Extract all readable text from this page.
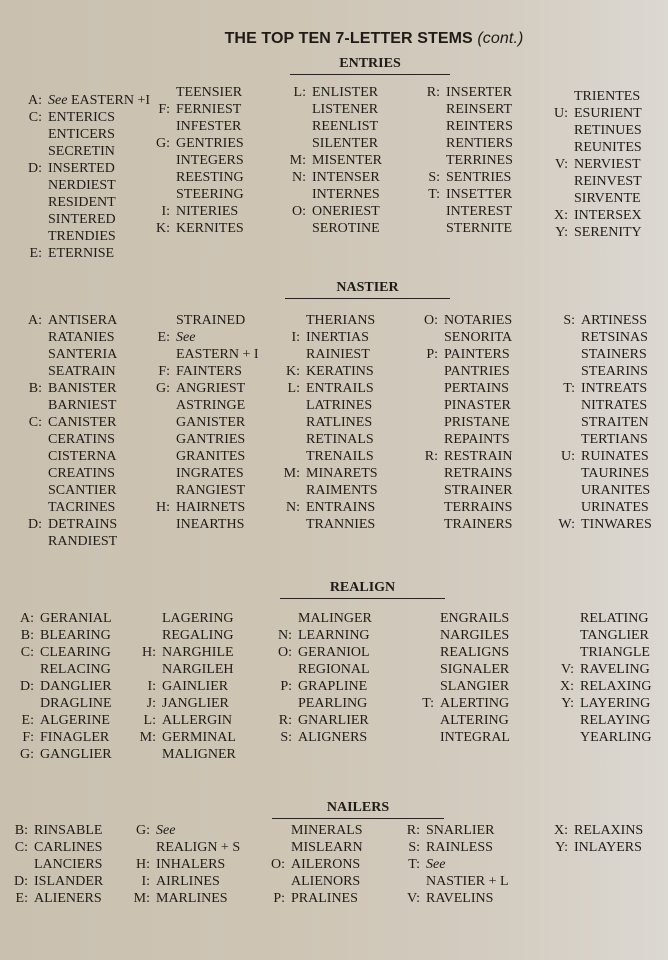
THE TOP TEN 7-LETTER STEMS (cont.)
ENTRIES
A: See EASTERN +I
C: ENTERICS
ENTICERS
SECRETIN
D: INSERTED
NERDIEST
RESIDENT
SINTERED
TRENDIES
E: ETERNISE
TEENSIER
F: FERNIEST
INFESTER
G: GENTRIES
INTEGERS
REESTING
STEERING
I: NITERIES
K: KERNITES
L: ENLISTER
LISTENER
REENLIST
SILENTER
M: MISENTER
N: INTENSER
INTERNES
O: ONERIEST
SEROTINE
R: INSERTER
REINSERT
REINTERS
RENTIERS
TERRINES
S: SENTRIES
T: INSETTER
INTEREST
STERNITE
TRIENTES
U: ESURIENT
RETINUES
REUNITES
V: NERVIEST
REINVEST
SIRVENTE
X: INTERSEX
Y: SERENITY
NASTIER
A: ANTISERA
RATANIES
SANTERIA
SEATRAIN
B: BANISTER
BARNIEST
C: CANISTER
CERATINS
CISTERNA
CREATINS
SCANTIER
TACRINES
D: DETRAINS
RANDIEST
STRAINED
E: See
EASTERN + I
F: FAINTERS
G: ANGRIEST
ASTRINGE
GANISTER
GANTRIES
GRANITES
INGRATES
RANGIEST
H: HAIRNETS
INEARTHS
THERIANS
I: INERTIAS
RAINIEST
K: KERATINS
L: ENTRAILS
LATRINES
RATLINES
RETINALS
TRENAILS
M: MINARETS
RAIMENTS
N: ENTRAINS
TRANNIES
O: NOTARIES
SENORITA
P: PAINTERS
PANTRIES
PERTAINS
PINASTER
PRISTANE
REPAINTS
R: RESTRAIN
RETRAINS
STRAINER
TERRAINS
TRAINERS
S: ARTINESS
RETSINAS
STAINERS
STEARINS
T: INTREATS
NITRATES
STRAITEN
TERTIANS
U: RUINATES
TAURINES
URANITES
URINATES
W: TINWARES
REALIGN
A: GERANIAL
B: BLEARING
C: CLEARING
RELACING
D: DANGLIER
DRAGLINE
E: ALGERINE
F: FINAGLER
G: GANGLIER
LAGERING
REGALING
H: NARGHILE
NARGILEH
I: GAINLIER
J: JANGLIER
L: ALLERGIN
M: GERMINAL
MALIGNER
MALINGER
N: LEARNING
O: GERANIOL
REGIONAL
P: GRAPLINE
PEARLING
R: GNARLIER
S: ALIGNERS
ENGRAILS
NARGILES
REALIGNS
SIGNALER
SLANGIER
T: ALERTING
ALTERING
INTEGRAL
RELATING
TANGLIER
TRIANGLE
V: RAVELING
X: RELAXING
Y: LAYERING
RELAYING
YEARLING
NAILERS
B: RINSABLE
C: CARLINES
LANCIERS
D: ISLANDER
E: ALIENERS
G: See
REALIGN + S
H: INHALERS
I: AIRLINES
M: MARLINES
MINERALS
MISLEARN
O: AILERONS
ALIENORS
P: PRALINES
R: SNARLIER
S: RAINLESS
T: See
NASTIER + L
V: RAVELINS
X: RELAXINS
Y: INLAYERS
